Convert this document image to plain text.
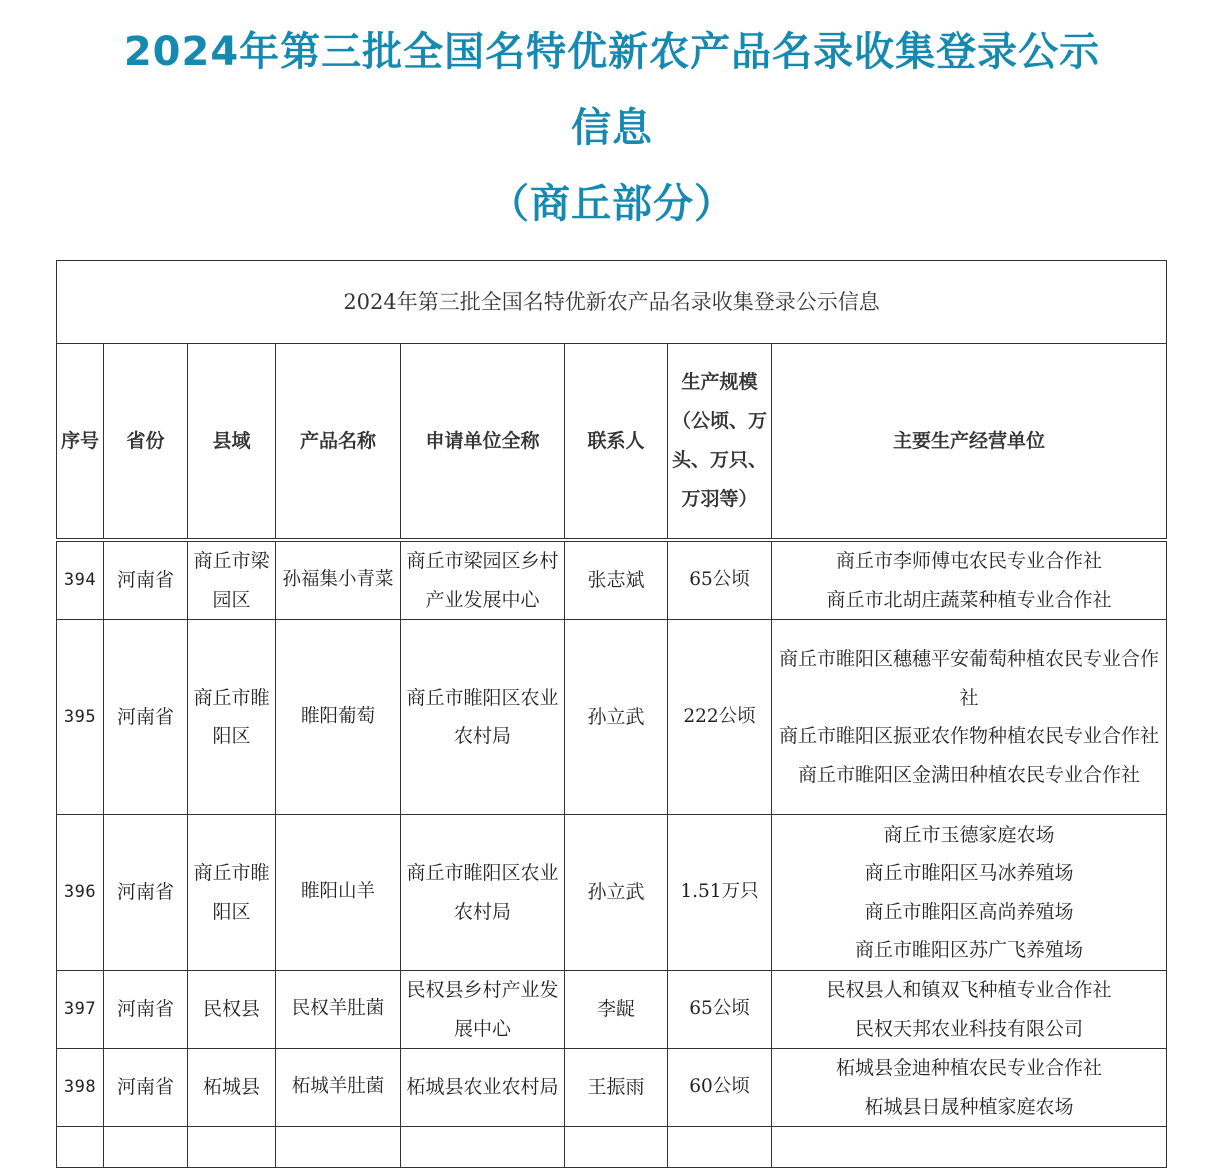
2024年第三批全国名特优新农产品名录收集登录公示
信息
（商丘部分）
2024年第三批全国名特优新农产品名录收集登录公示信息							
序号	省份	县域	产品名称	申请单位全称	联系人	生产规模（公顷、万头、万只、万羽等）	主要生产经营单位

394	河南省	商丘市梁园区	孙福集小青菜	商丘市梁园区乡村产业发展中心	张志斌	65公顷	商丘市李师傅屯农民专业合作社
商丘市北胡庄蔬菜种植专业合作社

395	河南省	商丘市睢阳区	睢阳葡萄	商丘市睢阳区农业农村局	孙立武	222公顷	商丘市睢阳区穗穗平安葡萄种植农民专业合作社
商丘市睢阳区振亚农作物种植农民专业合作社
商丘市睢阳区金满田种植农民专业合作社

396	河南省	商丘市睢阳区	睢阳山羊	商丘市睢阳区农业农村局	孙立武	1.51万只	商丘市玉德家庭农场
商丘市睢阳区马冰养殖场
商丘市睢阳区高尚养殖场
商丘市睢阳区苏广飞养殖场

397	河南省	民权县	民权羊肚菌	民权县乡村产业发展中心	李龊	65公顷	民权县人和镇双飞种植专业合作社
民权天邦农业科技有限公司

398	河南省	柘城县	柘城羊肚菌	柘城县农业农村局	王振雨	60公顷	柘城县金迪种植农民专业合作社
柘城县日晟种植家庭农场
